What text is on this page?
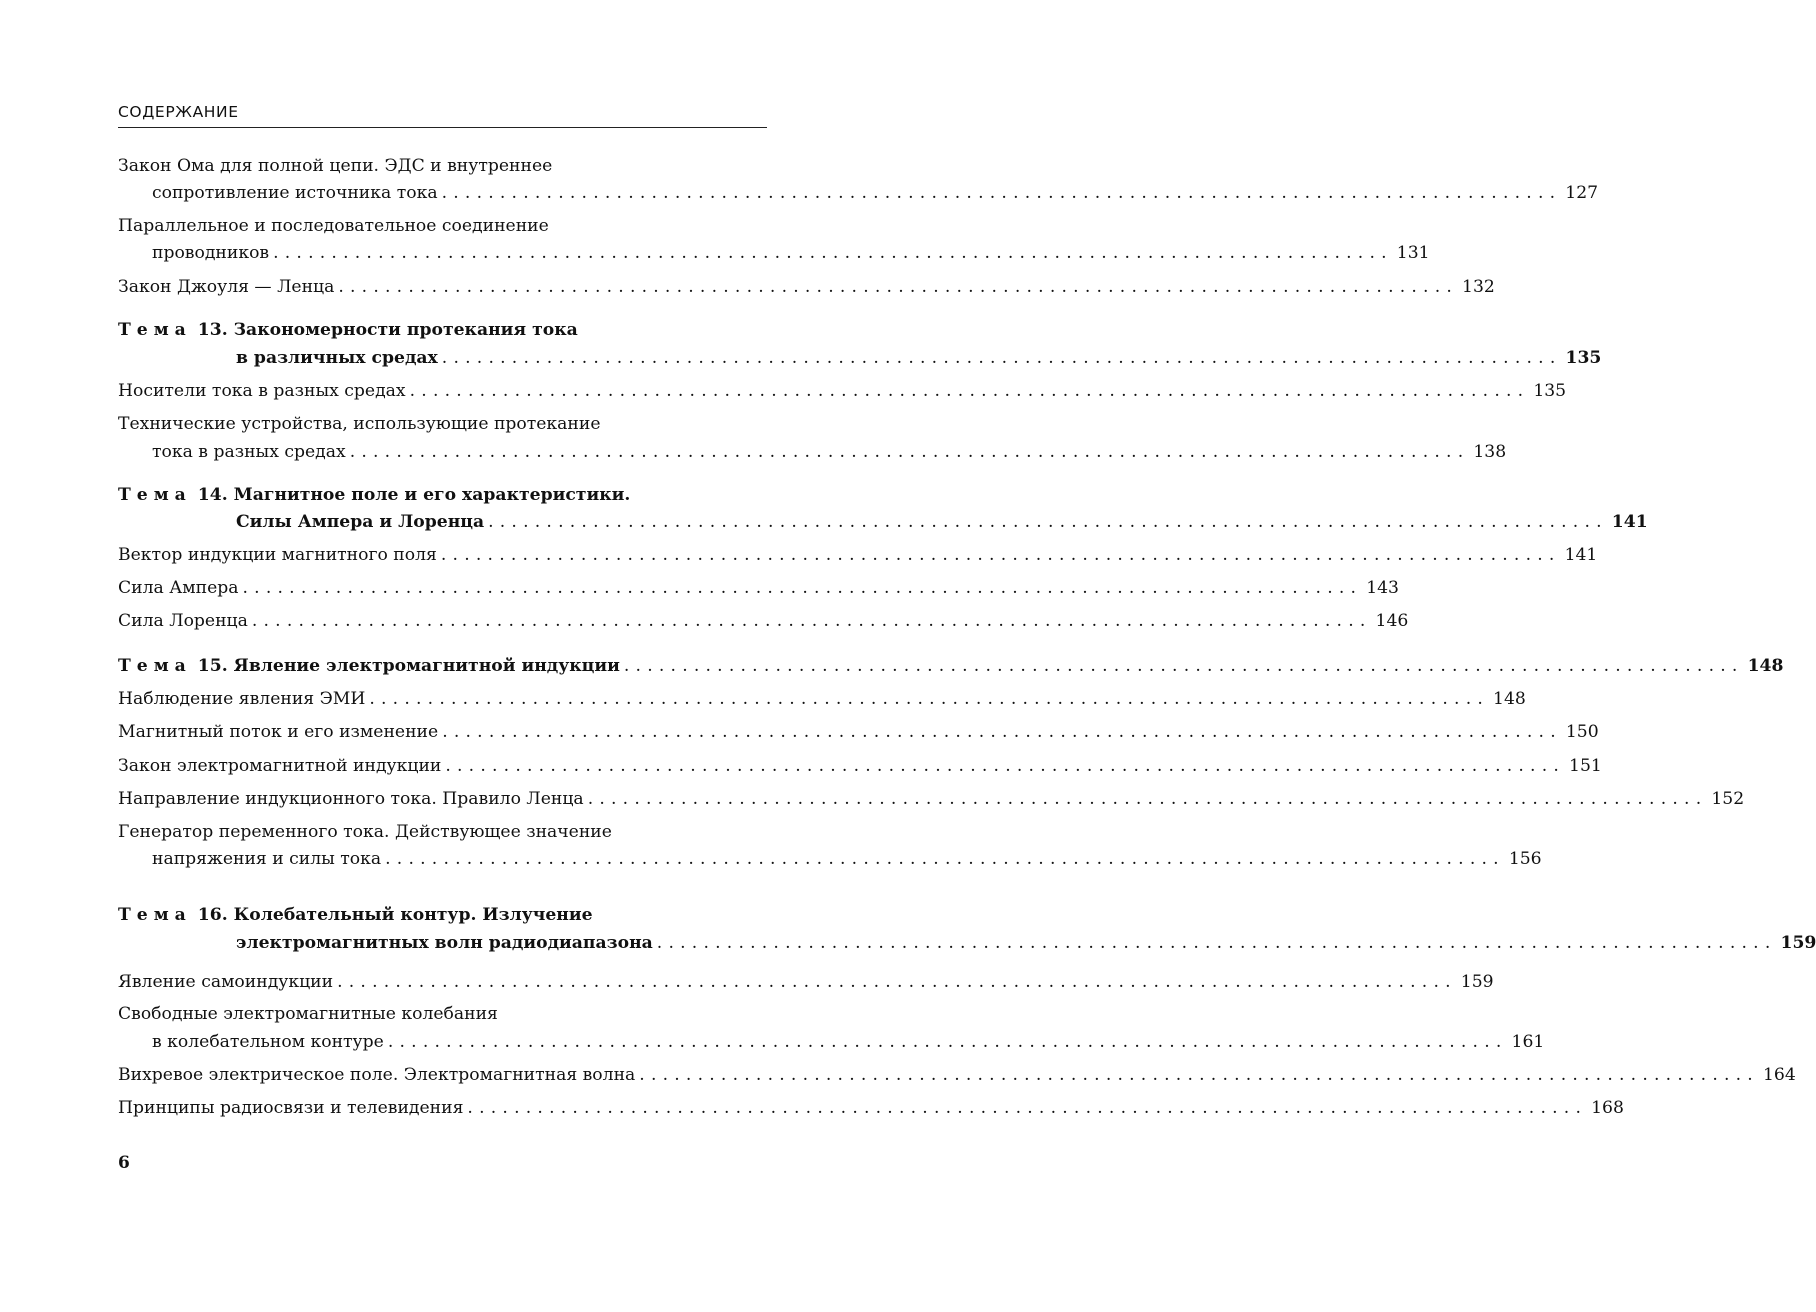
СОДЕРЖАНИЕ
Закон Ома для полной цепи. ЭДС и внутреннее
сопротивление источника тока ................................................................................................ 127
Параллельное и последовательное соединение
проводников ................................................................................................ 131
Закон Джоуля — Ленца ................................................................................................ 132
Тема 13. Закономерности протекания тока
в различных средах ................................................................................................ 135
Носители тока в разных средах ................................................................................................ 135
Технические устройства, использующие протекание
тока в разных средах ................................................................................................ 138
Тема 14. Магнитное поле и его характеристики.
Силы Ампера и Лоренца ................................................................................................ 141
Вектор индукции магнитного поля ................................................................................................ 141
Сила Ампера ................................................................................................ 143
Сила Лоренца ................................................................................................ 146
Тема 15. Явление электромагнитной индукции ................................................................................................ 148
Наблюдение явления ЭМИ ................................................................................................ 148
Магнитный поток и его изменение ................................................................................................ 150
Закон электромагнитной индукции ................................................................................................ 151
Направление индукционного тока. Правило Ленца ................................................................................................ 152
Генератор переменного тока. Действующее значение
напряжения и силы тока ................................................................................................ 156
Тема 16. Колебательный контур. Излучение
электромагнитных волн радиодиапазона ................................................................................................ 159
Явление самоиндукции ................................................................................................ 159
Свободные электромагнитные колебания
в колебательном контуре ................................................................................................ 161
Вихревое электрическое поле. Электромагнитная волна ................................................................................................ 164
Принципы радиосвязи и телевидения ................................................................................................ 168
6
